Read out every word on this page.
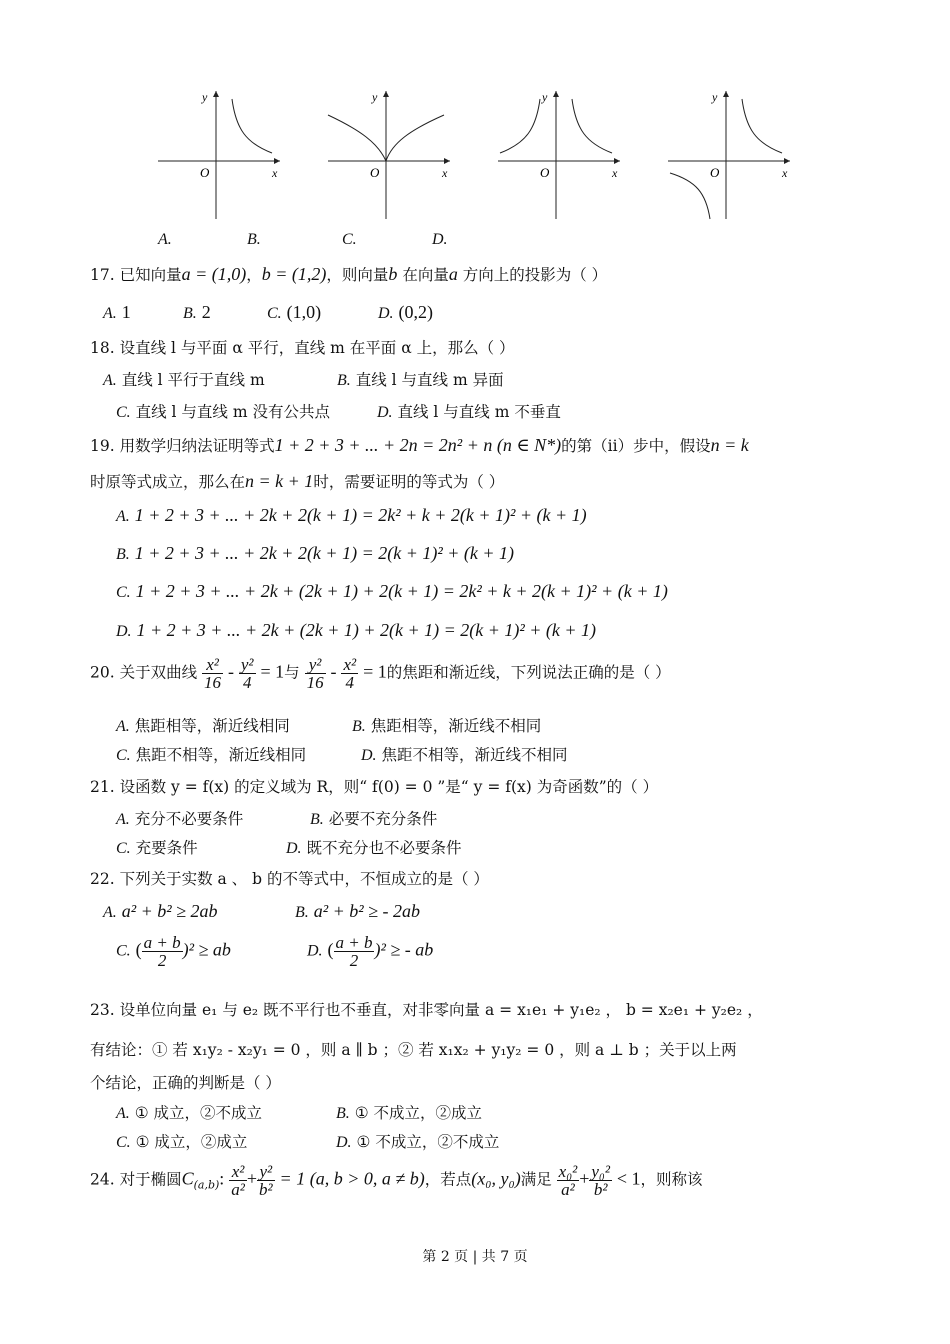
y
x
O
y
x
O
y
x
O
y
x
O
A.	B.	C.	D.
17. 已知向量a = (1,0)，b = (1,2)，则向量b 在向量a 方向上的投影为（ ）
A. 1	B. 2	C. (1,0)	D. (0,2)
18. 设直线 l 与平面 α 平行，直线 m 在平面 α 上，那么（ ）
A. 直线 l 平行于直线 m	B. 直线 l 与直线 m 异面
C. 直线 l 与直线 m 没有公共点	D. 直线 l 与直线 m 不垂直
19. 用数学归纳法证明等式1 + 2 + 3 + ... + 2n = 2n² + n (n ∈ N*)的第（ii）步中，假设n = k
时原等式成立，那么在n = k + 1时，需要证明的等式为（ ）
A. 1 + 2 + 3 + ... + 2k + 2(k + 1) = 2k² + k + 2(k + 1)² + (k + 1)
B. 1 + 2 + 3 + ... + 2k + 2(k + 1) = 2(k + 1)² + (k + 1)
C. 1 + 2 + 3 + ... + 2k + (2k + 1) + 2(k + 1) = 2k² + k + 2(k + 1)² + (k + 1)
D. 1 + 2 + 3 + ... + 2k + (2k + 1) + 2(k + 1) = 2(k + 1)² + (k + 1)
20. 关于双曲线 $\frac{\text{x²}}{16} - \frac{\text{y²}}{4} = 1$与 $\frac{\text{y²}}{16} - \frac{\text{x²}}{4} = 1$的焦距和渐近线，下列说法正确的是（ ）
A. 焦距相等，渐近线相同	B. 焦距相等，渐近线不相同
C. 焦距不相等，渐近线相同	D. 焦距不相等，渐近线不相同
21. 设函数 y = f(x) 的定义域为 R，则“ f(0) = 0 ”是“ y = f(x) 为奇函数”的（ ）
A. 充分不必要条件	B. 必要不充分条件
C. 充要条件	D. 既不充分也不必要条件
22. 下列关于实数 a 、 b 的不等式中，不恒成立的是（ ）
A. a² + b² ≥ 2ab	B. a² + b² ≥ - 2ab
C. ( $\frac{a + b}{2} )^2$ ≥ ab	D. ( $\frac{a + b}{2} )^2$ ≥ - ab
23. 设单位向量 e₁ 与 e₂ 既不平行也不垂直，对非零向量 a = x₁e₁ + y₁e₂ ， b = x₂e₁ + y₂e₂ ，
有结论：① 若 x₁y₂ - x₂y₁ = 0 ，则 a ∥ b ；② 若 x₁x₂ + y₁y₂ = 0 ，则 a ⊥ b ；关于以上两
个结论，正确的判断是（ ）
A. ① 成立，②不成立	B. ① 不成立，②成立
C. ① 成立，②成立	D. ① 不成立，②不成立
24. 对于椭圆$C_{(a,b)}$: $\frac{\text{x²}}{\text{a²}} + \frac{\text{y²}}{\text{b²}} = 1$ (a, b > 0, a ≠ b)，若点(x₀, y₀)满足 $\frac{\text{x₀²}}{\text{a²}} + \frac{\text{y₀²}}{\text{b²}} < 1$，则称该
第 2 页 | 共 7 页
